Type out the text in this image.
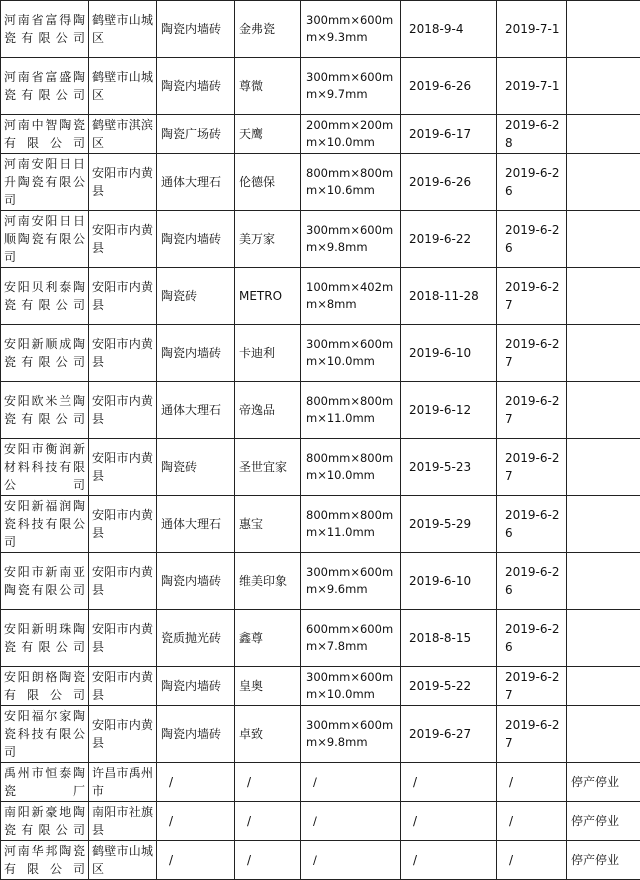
河南省富得陶瓷有限公司	鹤壁市山城区	陶瓷内墙砖	金弗瓷	300mm×600mm×9.3mm	2018-9-4	2019-7-1	
河南省富盛陶瓷有限公司	鹤壁市山城区	陶瓷内墙砖	尊微	300mm×600mm×9.7mm	2019-6-26	2019-7-1	
河南中智陶瓷有限公司	鹤壁市淇滨区	陶瓷广场砖	天鹰	200mm×200mm×10.0mm	2019-6-17	2019-6-28	
河南安阳日日升陶瓷有限公司	安阳市内黄县	通体大理石	伦德保	800mm×800mm×10.6mm	2019-6-26	2019-6-26	
河南安阳日日顺陶瓷有限公司	安阳市内黄县	陶瓷内墙砖	美万家	300mm×600mm×9.8mm	2019-6-22	2019-6-26	
安阳贝利泰陶瓷有限公司	安阳市内黄县	陶瓷砖	METRO	100mm×402mm×8mm	2018-11-28	2019-6-27	
安阳新顺成陶瓷有限公司	安阳市内黄县	陶瓷内墙砖	卡迪利	300mm×600mm×10.0mm	2019-6-10	2019-6-27	
安阳欧米兰陶瓷有限公司	安阳市内黄县	通体大理石	帝逸品	800mm×800mm×11.0mm	2019-6-12	2019-6-27	
安阳市衡润新材料科技有限公司	安阳市内黄县	陶瓷砖	圣世宜家	800mm×800mm×10.0mm	2019-5-23	2019-6-27	
安阳新福润陶瓷科技有限公司	安阳市内黄县	通体大理石	惠宝	800mm×800mm×11.0mm	2019-5-29	2019-6-26	
安阳市新南亚陶瓷有限公司	安阳市内黄县	陶瓷内墙砖	维美印象	300mm×600mm×9.6mm	2019-6-10	2019-6-26	
安阳新明珠陶瓷有限公司	安阳市内黄县	瓷质抛光砖	鑫尊	600mm×600mm×7.8mm	2018-8-15	2019-6-26	
安阳朗格陶瓷有限公司	安阳市内黄县	陶瓷内墙砖	皇奥	300mm×600mm×10.0mm	2019-5-22	2019-6-27	
安阳福尔家陶瓷科技有限公司	安阳市内黄县	陶瓷内墙砖	卓致	300mm×600mm×9.8mm	2019-6-27	2019-6-27	
禹州市恒泰陶瓷厂	许昌市禹州市	/	/	/	/	/	停产停业
南阳新豪地陶瓷有限公司	南阳市社旗县	/	/	/	/	/	停产停业
河南华邦陶瓷有限公司	鹤壁市山城区	/	/	/	/	/	停产停业
